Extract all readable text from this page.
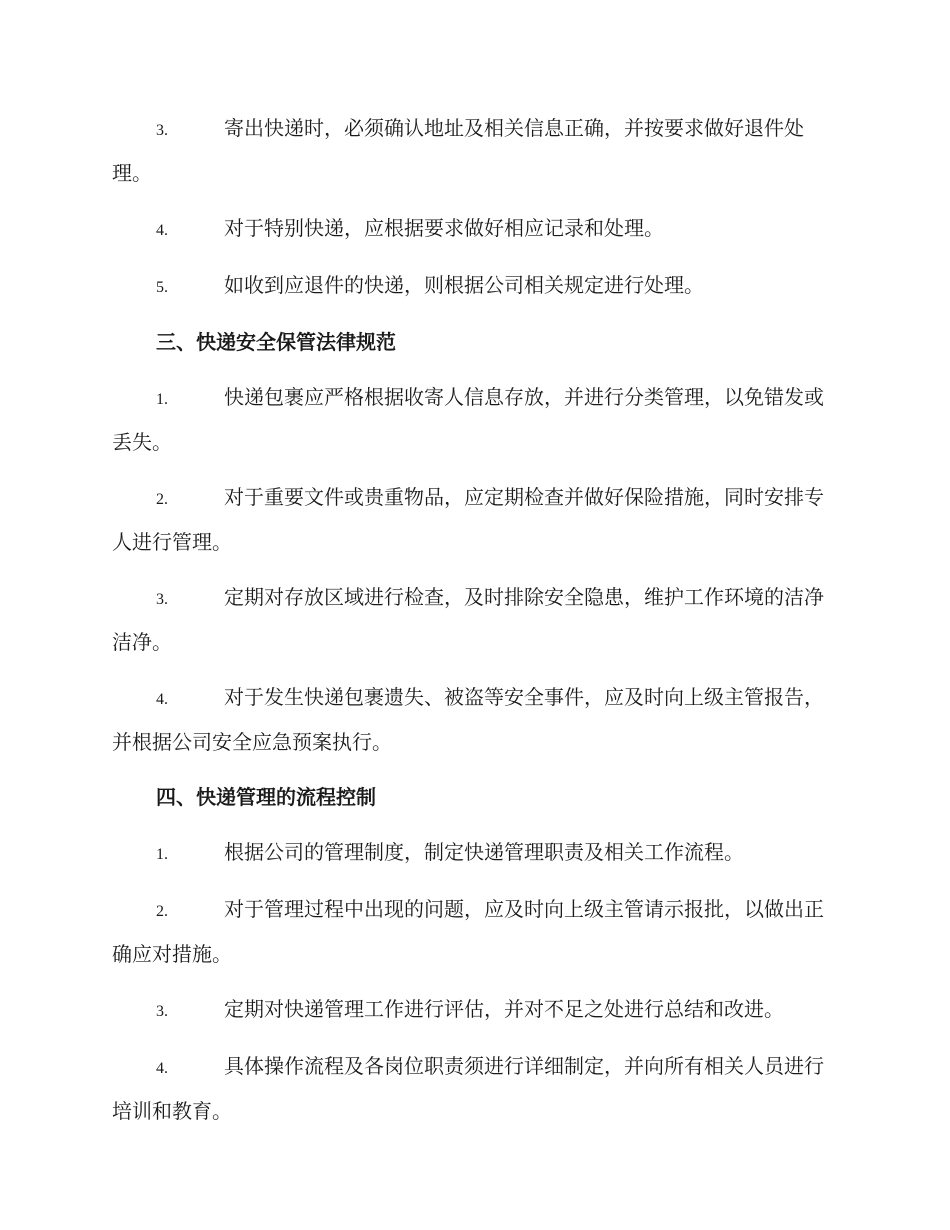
3.	寄出快递时，必须确认地址及相关信息正确，并按要求做好退件处理。

4.	对于特别快递，应根据要求做好相应记录和处理。

5.	如收到应退件的快递，则根据公司相关规定进行处理。

三、快递安全保管法律规范

1.	快递包裹应严格根据收寄人信息存放，并进行分类管理，以免错发或丢失。

2.	对于重要文件或贵重物品，应定期检查并做好保险措施，同时安排专人进行管理。

3.	定期对存放区域进行检查，及时排除安全隐患，维护工作环境的洁净洁净。

4.	对于发生快递包裹遗失、被盗等安全事件，应及时向上级主管报告，并根据公司安全应急预案执行。

四、快递管理的流程控制

1.	根据公司的管理制度，制定快递管理职责及相关工作流程。

2.	对于管理过程中出现的问题，应及时向上级主管请示报批，以做出正确应对措施。

3.	定期对快递管理工作进行评估，并对不足之处进行总结和改进。

4.	具体操作流程及各岗位职责须进行详细制定，并向所有相关人员进行培训和教育。
